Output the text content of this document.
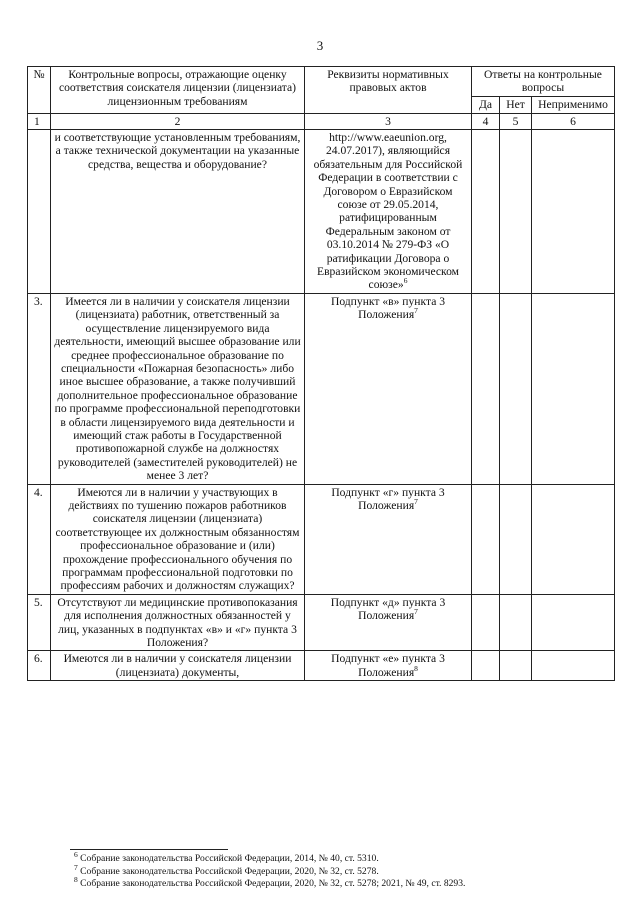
3
№	Контрольные вопросы, отражающие оценку соответствия соискателя лицензии (лицензиата) лицензионным требованиям	Реквизиты нормативных правовых актов	Ответы на контрольные вопросы		
			Да	Нет	Неприменимо
1	2	3	4	5	6
	и соответствующие установленным требованиям, а также технической документации на указанные средства, вещества и оборудование?	http://www.eaeunion.org, 24.07.2017), являющийся обязательным для Российской Федерации в соответствии с Договором о Евразийском союзе от 29.05.2014, ратифицированным Федеральным законом от 03.10.2014 № 279-ФЗ «О ратификации Договора о Евразийском экономическом союзе»$^6$			
3.	Имеется ли в наличии у соискателя лицензии (лицензиата) работник, ответственный за осуществление лицензируемого вида деятельности, имеющий высшее образование или среднее профессиональное образование по специальности «Пожарная безопасность» либо иное высшее образование, а также получивший дополнительное профессиональное образование по программе профессиональной переподготовки в области лицензируемого вида деятельности и имеющий стаж работы в Государственной противопожарной службе на должностях руководителей (заместителей руководителей) не менее 3 лет?	Подпункт «в» пункта 3 Положения$^7$			
4.	Имеются ли в наличии у участвующих в действиях по тушению пожаров работников соискателя лицензии (лицензиата) соответствующее их должностным обязанностям профессиональное образование и (или) прохождение профессионального обучения по программам профессиональной подготовки по профессиям рабочих и должностям служащих?	Подпункт «г» пункта 3 Положения$^7$			
5.	Отсутствуют ли медицинские противопоказания для исполнения должностных обязанностей у лиц, указанных в подпунктах «в» и «г» пункта 3 Положения?	Подпункт «д» пункта 3 Положения$^7$			
6.	Имеются ли в наличии у соискателя лицензии (лицензиата) документы,	Подпункт «е» пункта 3 Положения$^8$			
$^6$ Собрание законодательства Российской Федерации, 2014, № 40, ст. 5310.
$^7$ Собрание законодательства Российской Федерации, 2020, № 32, ст. 5278.
$^8$ Собрание законодательства Российской Федерации, 2020, № 32, ст. 5278; 2021, № 49, ст. 8293.
